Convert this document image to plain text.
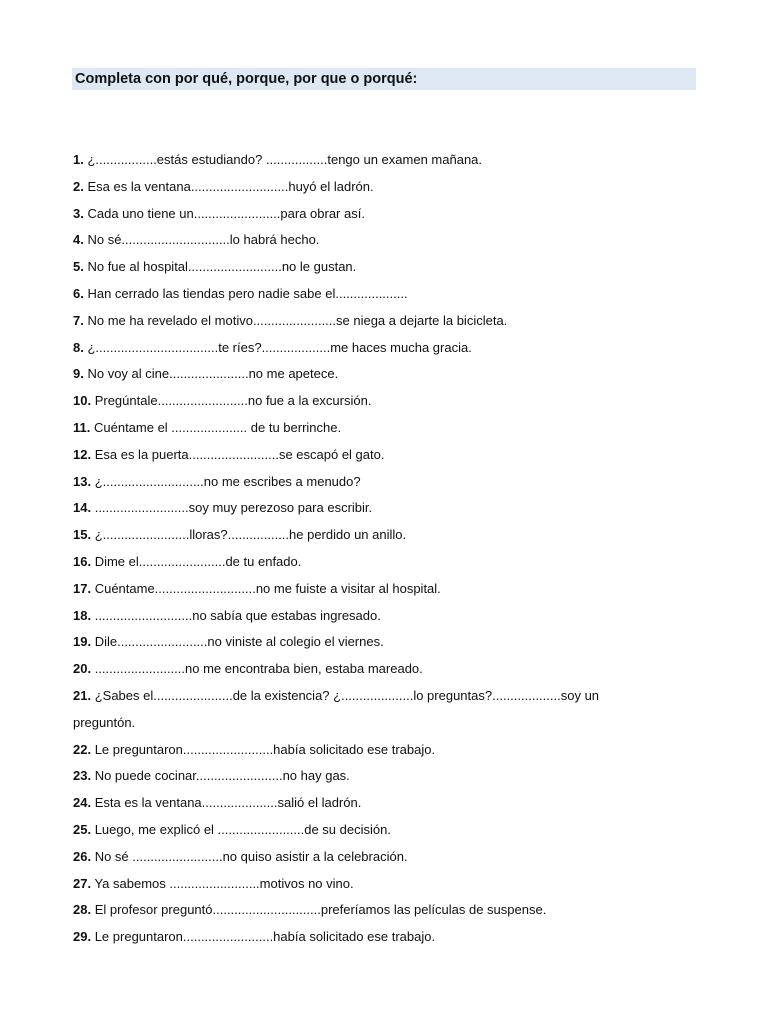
Completa con por qué, porque, por que o porqué:
1. ¿.................estás estudiando? .................tengo un examen mañana.
2. Esa es la ventana...........................huyó el ladrón.
3. Cada uno tiene un........................para obrar así.
4. No sé..............................lo habrá hecho.
5. No fue al hospital..........................no le gustan.
6. Han cerrado las tiendas pero nadie sabe el....................
7. No me ha revelado el motivo.......................se niega a dejarte la bicicleta.
8. ¿..................................te ríes?...................me haces mucha gracia.
9. No voy al cine......................no me apetece.
10. Pregúntale.........................no fue a la excursión.
11. Cuéntame el ..................... de tu berrinche.
12. Esa es la puerta.........................se escapó el gato.
13. ¿............................no me escribes a menudo?
14. ..........................soy muy perezoso para escribir.
15. ¿........................lloras?.................he perdido un anillo.
16. Dime el........................de tu enfado.
17. Cuéntame............................no me fuiste a visitar al hospital.
18. ...........................no sabía que estabas ingresado.
19. Dile.........................no viniste al colegio el viernes.
20. .........................no me encontraba bien, estaba mareado.
21. ¿Sabes el......................de la existencia? ¿....................lo preguntas?...................soy un preguntón.
22. Le preguntaron.........................había solicitado ese trabajo.
23. No puede cocinar........................no hay gas.
24. Esta es la ventana.....................salió el ladrón.
25. Luego, me explicó el ........................de su decisión.
26. No sé .........................no quiso asistir a la celebración.
27. Ya sabemos .........................motivos no vino.
28. El profesor preguntó..............................preferíamos las películas de suspense.
29. Le preguntaron.........................había solicitado ese trabajo.
